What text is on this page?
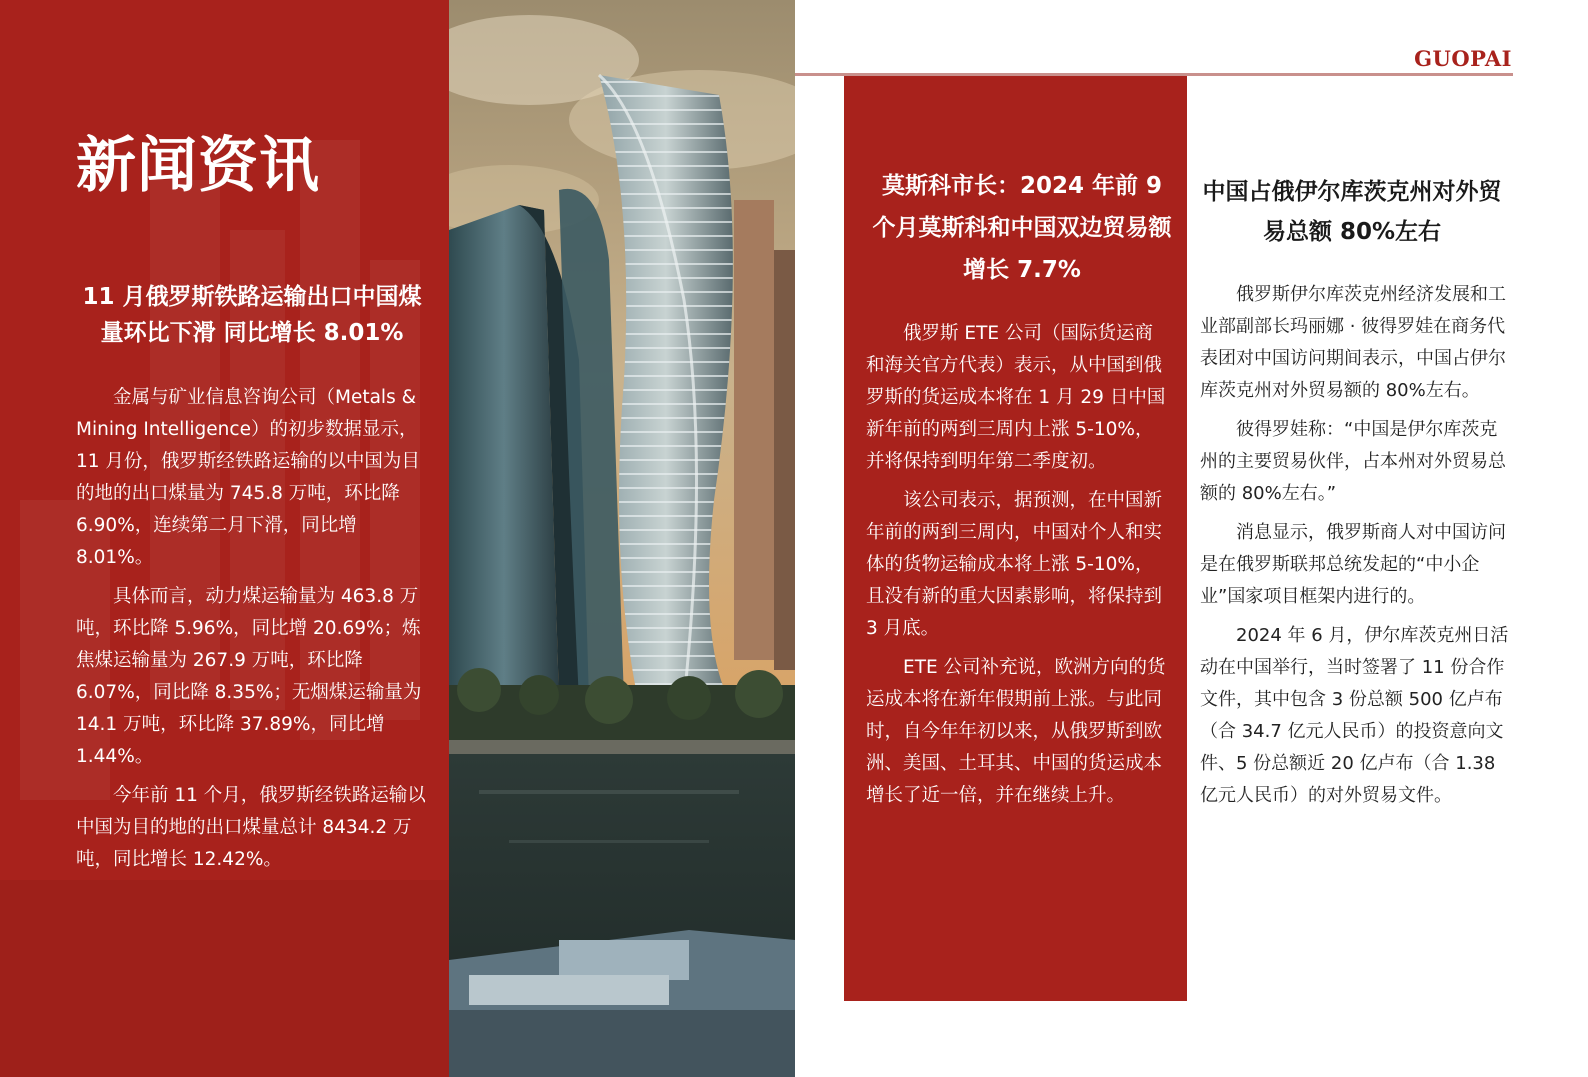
新闻资讯
11 月俄罗斯铁路运输出口中国煤量环比下滑 同比增长 8.01%

金属与矿业信息咨询公司（Metals & Mining Intelligence）的初步数据显示，11 月份，俄罗斯经铁路运输的以中国为目的地的出口煤量为 745.8 万吨，环比降 6.90%，连续第二月下滑，同比增 8.01%。

具体而言，动力煤运输量为 463.8 万吨，环比降 5.96%，同比增 20.69%；炼焦煤运输量为 267.9 万吨，环比降 6.07%，同比降 8.35%；无烟煤运输量为 14.1 万吨，环比降 37.89%，同比增 1.44%。

今年前 11 个月，俄罗斯经铁路运输以中国为目的地的出口煤量总计 8434.2 万吨，同比增长 12.42%。

GUOPAI
莫斯科市长：2024 年前 9 个月莫斯科和中国双边贸易额增长 7.7%

俄罗斯 ETE 公司（国际货运商和海关官方代表）表示，从中国到俄罗斯的货运成本将在 1 月 29 日中国新年前的两到三周内上涨 5-10%，并将保持到明年第二季度初。

该公司表示，据预测，在中国新年前的两到三周内，中国对个人和实体的货物运输成本将上涨 5-10%，且没有新的重大因素影响，将保持到 3 月底。

ETE 公司补充说，欧洲方向的货运成本将在新年假期前上涨。与此同时，自今年年初以来，从俄罗斯到欧洲、美国、土耳其、中国的货运成本增长了近一倍，并在继续上升。

中国占俄伊尔库茨克州对外贸易总额 80%左右

俄罗斯伊尔库茨克州经济发展和工业部副部长玛丽娜 · 彼得罗娃在商务代表团对中国访问期间表示，中国占伊尔库茨克州对外贸易额的 80%左右。

彼得罗娃称：“中国是伊尔库茨克州的主要贸易伙伴，占本州对外贸易总额的 80%左右。”

消息显示，俄罗斯商人对中国访问是在俄罗斯联邦总统发起的“中小企业”国家项目框架内进行的。

2024 年 6 月，伊尔库茨克州日活动在中国举行，当时签署了 11 份合作文件，其中包含 3 份总额 500 亿卢布（合 34.7 亿元人民币）的投资意向文件、5 份总额近 20 亿卢布（合 1.38 亿元人民币）的对外贸易文件。
